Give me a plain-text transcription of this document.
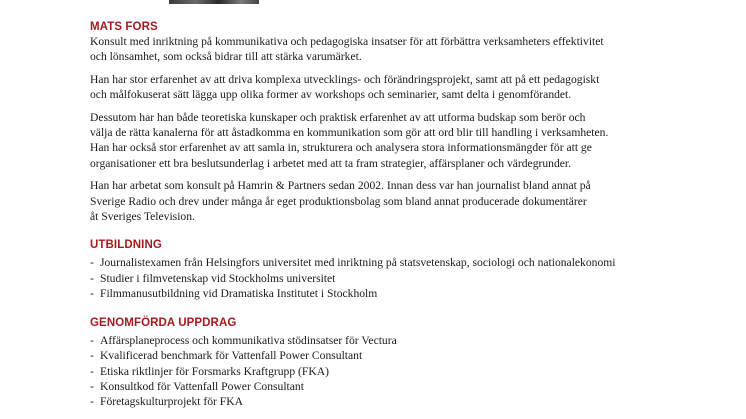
MATS FORS

Konsult med inriktning på kommunikativa och pedagogiska insatser för att förbättra verksamheters effektivitet
och lönsamhet, som också bidrar till att stärka varumärket.

Han har stor erfarenhet av att driva komplexa utvecklings- och förändringsprojekt, samt att på ett pedagogiskt
och målfokuserat sätt lägga upp olika former av workshops och seminarier, samt delta i genomförandet.

Dessutom har han både teoretiska kunskaper och praktisk erfarenhet av att utforma budskap som berör och
välja de rätta kanalerna för att åstadkomma en kommunikation som gör att ord blir till handling i verksamheten.
Han har också stor erfarenhet av att samla in, strukturera och analysera stora informationsmängder för att ge
organisationer ett bra beslutsunderlag i arbetet med att ta fram strategier, affärsplaner och värdegrunder.

Han har arbetat som konsult på Hamrin & Partners sedan 2002. Innan dess var han journalist bland annat på
Sverige Radio och drev under många år eget produktionsbolag som bland annat producerade dokumentärer
åt Sveriges Television.

UTBILDNING
- Journalistexamen från Helsingfors universitet med inriktning på statsvetenskap, sociologi och nationalekonomi
- Studier i filmvetenskap vid Stockholms universitet
- Filmmanusutbildning vid Dramatiska Institutet i Stockholm
GENOMFÖRDA UPPDRAG
- Affärsplaneprocess och kommunikativa stödinsatser för Vectura
- Kvalificerad benchmark för Vattenfall Power Consultant
- Etiska riktlinjer för Forsmarks Kraftgrupp (FKA)
- Konsultkod för Vattenfall Power Consultant
- Företagskulturprojekt för FKA
